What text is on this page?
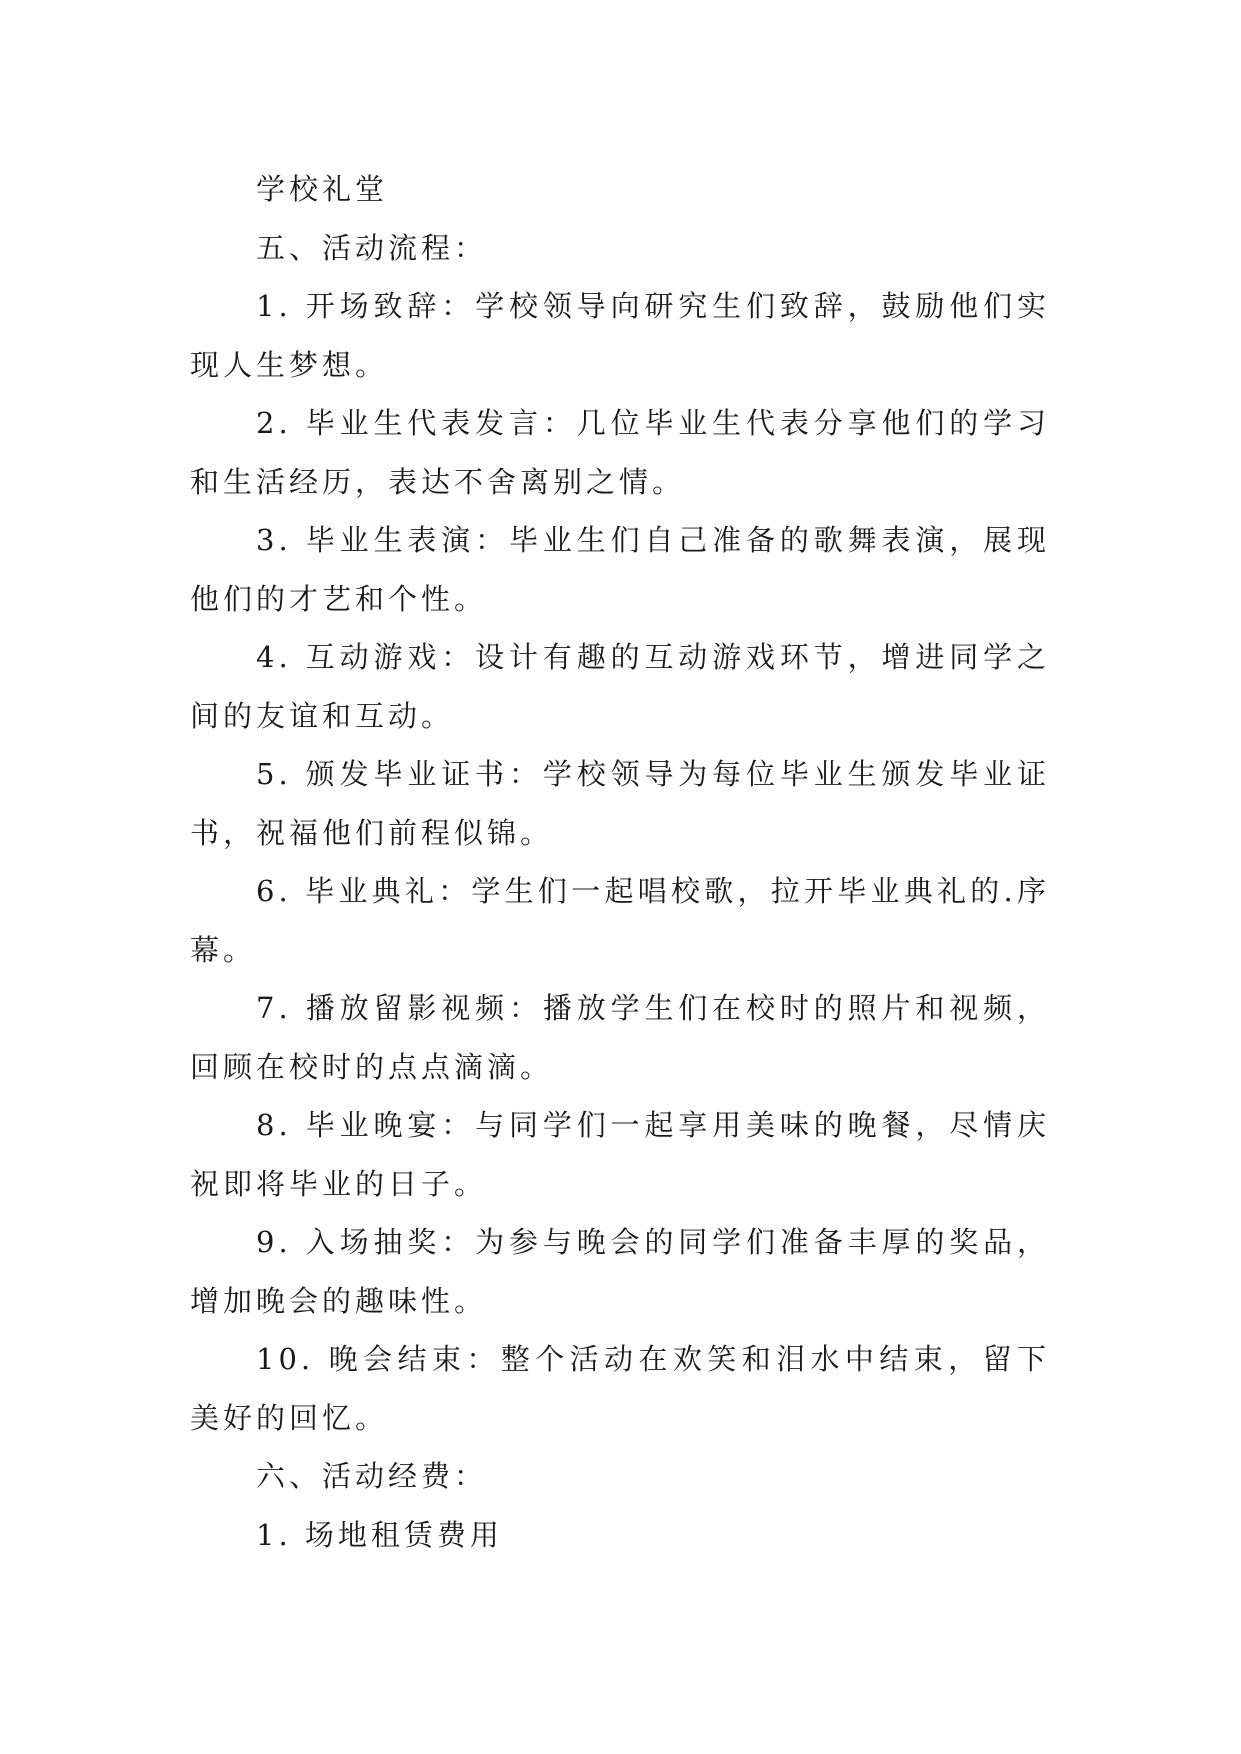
学校礼堂

五、活动流程：

1. 开场致辞：学校领导向研究生们致辞，鼓励他们实现人生梦想。

2. 毕业生代表发言：几位毕业生代表分享他们的学习和生活经历，表达不舍离别之情。

3. 毕业生表演：毕业生们自己准备的歌舞表演，展现他们的才艺和个性。

4. 互动游戏：设计有趣的互动游戏环节，增进同学之间的友谊和互动。

5. 颁发毕业证书：学校领导为每位毕业生颁发毕业证书，祝福他们前程似锦。

6. 毕业典礼：学生们一起唱校歌，拉开毕业典礼的.序幕。

7. 播放留影视频：播放学生们在校时的照片和视频，回顾在校时的点点滴滴。

8. 毕业晚宴：与同学们一起享用美味的晚餐，尽情庆祝即将毕业的日子。

9. 入场抽奖：为参与晚会的同学们准备丰厚的奖品，增加晚会的趣味性。

10. 晚会结束：整个活动在欢笑和泪水中结束，留下美好的回忆。

六、活动经费：

1. 场地租赁费用
